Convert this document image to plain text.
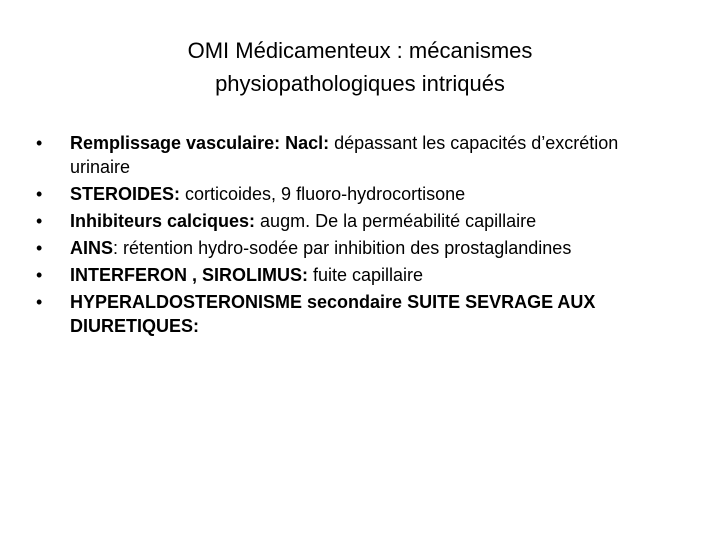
OMI Médicamenteux : mécanismes
physiopathologiques intriqués
•
Remplissage vasculaire: Nacl: dépassant les capacités d’excrétion urinaire
•
STEROIDES: corticoides, 9 fluoro-hydrocortisone
•
Inhibiteurs calciques: augm. De la perméabilité capillaire
•
AINS: rétention hydro-sodée par inhibition des prostaglandines
•
INTERFERON , SIROLIMUS: fuite capillaire
•
HYPERALDOSTERONISME secondaire SUITE SEVRAGE AUX DIURETIQUES:
